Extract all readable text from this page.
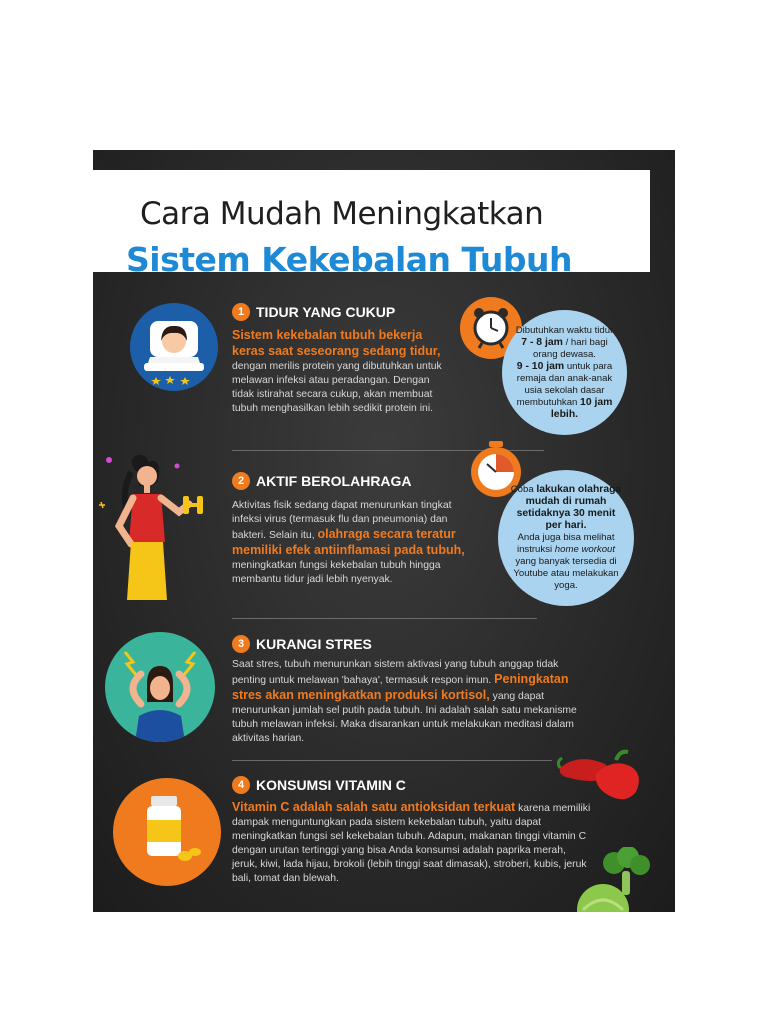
Cara Mudah Meningkatkan
Sistem Kekebalan Tubuh
1 TIDUR YANG CUKUP
Sistem kekebalan tubuh bekerja keras saat seseorang sedang tidur, dengan merilis protein yang dibutuhkan untuk melawan infeksi atau peradangan. Dengan tidak istirahat secara cukup, akan membuat tubuh menghasilkan lebih sedikit protein ini.
Dibutuhkan waktu tidur 7 - 8 jam / hari bagi orang dewasa.
9 - 10 jam untuk para remaja dan anak-anak usia sekolah dasar membutuhkan 10 jam lebih.
2 AKTIF BEROLAHRAGA
Aktivitas fisik sedang dapat menurunkan tingkat infeksi virus (termasuk flu dan pneumonia) dan bakteri. Selain itu, olahraga secara teratur memiliki efek antiinflamasi pada tubuh, meningkatkan fungsi kekebalan tubuh hingga membantu tidur jadi lebih nyenyak.
Coba lakukan olahraga mudah di rumah setidaknya 30 menit per hari.
Anda juga bisa melihat instruksi home workout yang banyak tersedia di Youtube atau melakukan yoga.
3 KURANGI STRES
Saat stres, tubuh menurunkan sistem aktivasi yang tubuh anggap tidak penting untuk melawan 'bahaya', termasuk respon imun. Peningkatan stres akan meningkatkan produksi kortisol, yang dapat menurunkan jumlah sel putih pada tubuh. Ini adalah salah satu mekanisme tubuh melawan infeksi. Maka disarankan untuk melakukan meditasi dalam aktivitas harian.
4 KONSUMSI VITAMIN C
Vitamin C adalah salah satu antioksidan terkuat karena memiliki dampak menguntungkan pada sistem kekebalan tubuh, yaitu dapat meningkatkan fungsi sel kekebalan tubuh. Adapun, makanan tinggi vitamin C dengan urutan tertinggi yang bisa Anda konsumsi adalah paprika merah, jeruk, kiwi, lada hijau, brokoli (lebih tinggi saat dimasak), stroberi, kubis, jeruk bali, tomat dan blewah.
